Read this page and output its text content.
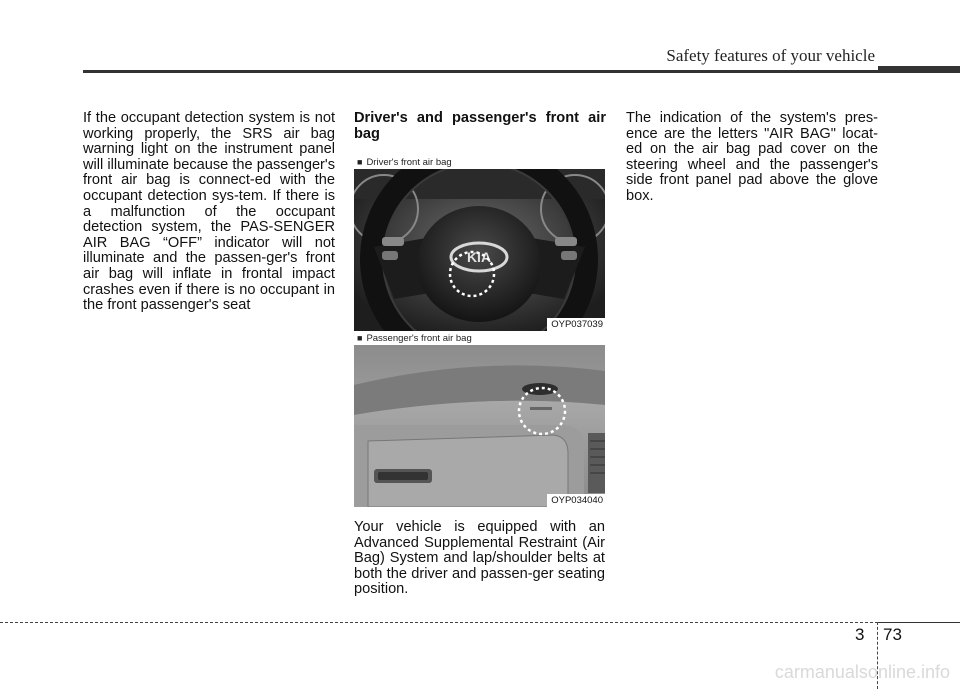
Safety features of your vehicle

If the occupant detection system is not working properly, the SRS air bag warning light on the instrument panel will illuminate because the passenger's front air bag is connect-ed with the occupant detection sys-tem. If there is a malfunction of the occupant detection system, the PAS-SENGER AIR BAG “OFF” indicator will not illuminate and the passen-ger's front air bag will inflate in frontal impact crashes even if there is no occupant in the front passenger's seat

Driver's and passenger's front air bag

■ Driver's front air bag
KIA
OYP037039
■ Passenger's front air bag
OYP034040

Your vehicle is equipped with an Advanced Supplemental Restraint (Air Bag) System and lap/shoulder belts at both the driver and passen-ger seating position.

The indication of the system's pres-ence are the letters "AIR BAG" locat-ed on the air bag pad cover on the steering wheel and the passenger's side front panel pad above the glove box.

3 73
carmanualsonline.info
